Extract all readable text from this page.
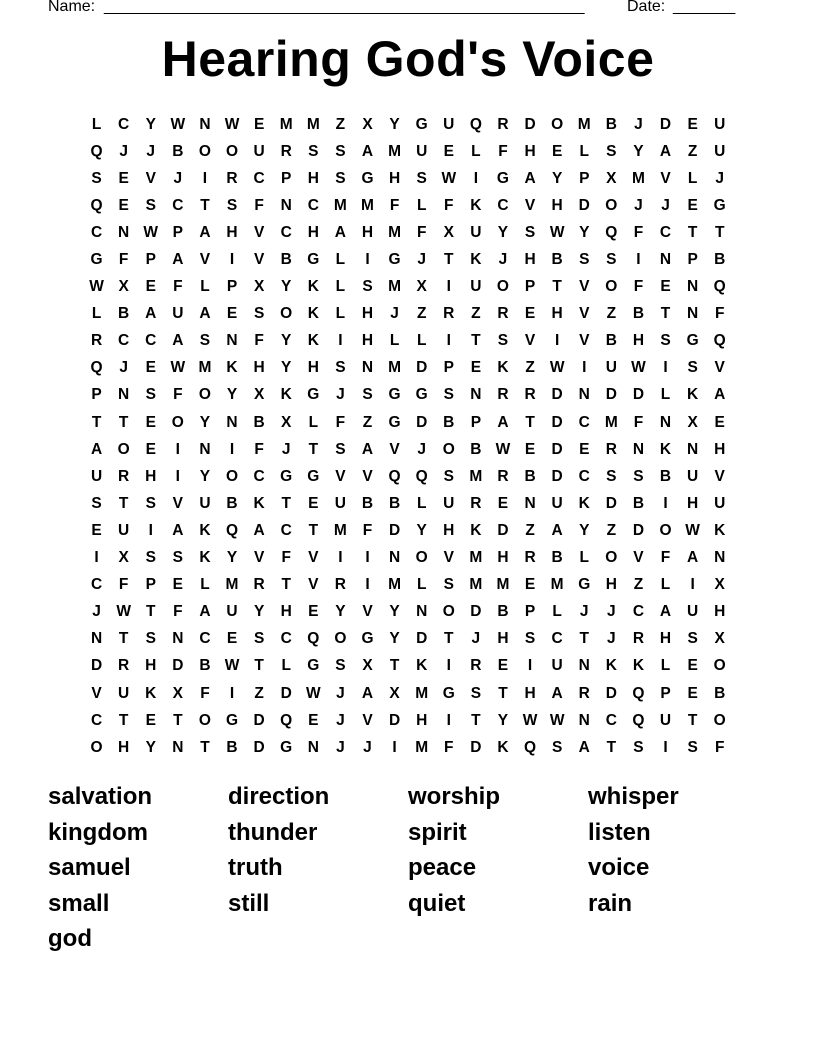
Name: ______________________________________________________	Date: _______
Hearing God's Voice
L	C	Y W N W E M M	Z	X	Y	G U Q R	D O M B	J	D	E	U
Q	J	J	B O O U	R	S	S	A M U	E	L	F	H	E	L	S	Y	A	Z	U
S	E	V	J	I	R	C	P	H	S	G H	S W	I	G A	Y	P	X M V	L	J
Q	E	S	C	T	S	F	N	C M M	F	L	F	K	C	V	H	D O	J	J	E	G
C	N W P	A	H	V	C	H	A	H M	F	X	U	Y	S W Y	Q	F	C	T	T
G	F	P	A	V	I	V	B G	L	I	G	J	T	K	J	H	B	S	S	I	N	P	B
W X	E	F	L	P	X	Y	K	L	S M X	I	U O	P	T	V	O	F	E	N Q
L	B	A	U	A	E	S	O K	L	H	J	Z	R	Z	R	E	H	V	Z	B	T	N	F
R	C	C	A	S	N	F	Y	K	I	H	L	L	I	T	S	V	I	V	B	H	S	G Q
Q	J	E W M K	H	Y	H	S	N M D	P	E	K	Z W	I	U W	I	S	V
P	N	S	F	O	Y	X	K G	J	S	G G	S	N	R	R	D	N	D	D	L	K	A
T	T	E	O	Y	N	B	X	L	F	Z	G D	B	P	A	T	D	C M	F	N	X	E
A O	E	I	N	I	F	J	T	S	A	V	J	O B W E	D	E	R	N	K	N	H
U	R	H	I	Y	O C G G	V	V	Q Q	S M R	B	D	C	S	S	B	U	V
S	T	S	V	U	B	K	T	E	U	B	B	L	U	R	E	N	U	K	D	B	I	H	U
E	U	I	A	K Q A	C	T	M	F	D	Y	H	K	D	Z	A	Y	Z	D O W K
I	X	S	S	K	Y	V	F	V	I	I	N O	V M H	R	B	L	O	V	F	A	N
C	F	P	E	L	M R	T	V	R	I	M	L	S M M E M G H	Z	L	I	X
J W T	F	A	U	Y	H	E	Y	V	Y	N O D	B	P	L	J	J	C	A	U	H
N	T	S	N	C	E	S	C Q O G	Y	D	T	J	H	S	C	T	J	R	H	S	X
D	R	H	D	B W T	L	G	S	X	T	K	I	R	E	I	U	N	K	K	L	E	O
V	U	K	X	F	I	Z	D W J	A	X M G	S	T	H	A	R	D Q	P	E	B
C	T	E	T	O G D Q	E	J	V	D	H	I	T	Y W W N	C Q U	T	O
O H	Y	N	T	B	D G N	J	J	I	M	F	D	K Q	S	A	T	S	I	S	F
salvation	direction	worship	whisper
kingdom	thunder	spirit	listen
samuel	truth	peace	voice
small	still	quiet	rain
god
